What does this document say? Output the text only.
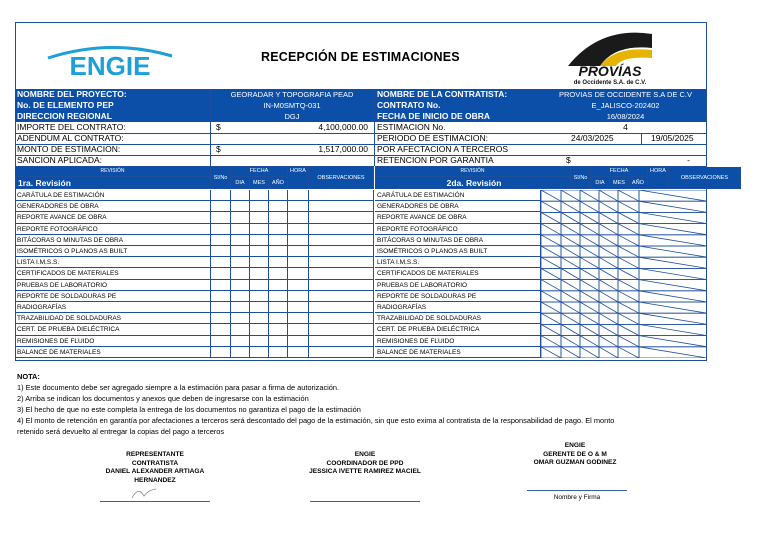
ENGIE	RECEPCIÓN DE ESTIMACIONES
PROVÍAS
de Occidente S.A. de C.V.
NOMBRE DEL PROYECTO:	GEORADAR Y TOPOGRAFIA PEAD
No. DE ELEMENTO PEP	IN-M0SMTQ-031
DIRECCION REGIONAL	DGJ
IMPORTE DEL CONTRATO:	$	4,100,000.00
ADENDUM AL CONTRATO:
MONTO DE ESTIMACION:	$	1,517,000.00
SANCION APLICADA:
NOMBRE DE LA CONTRATISTA:	PROVIAS DE OCCIDENTE S.A DE C.V
CONTRATO No.	E_JALISCO-202402
FECHA DE INICIO DE OBRA	16/08/2024
ESTIMACION No.	4
PERIODO DE ESTIMACION:	24/03/2025	19/05/2025
POR AFECTACION A TERCEROS
RETENCION POR GARANTIA	$	-
REVISIÓN
1ra. Revisión	SI/No
FECHA
DIA	MES	AÑO
HORA
OBSERVACIONES
REVISIÓN
2da. Revisión	SI/No
FECHA
DIA	MES	AÑO
HORA
OBSERVACIONES
CARÁTULA DE ESTIMACIÓN	CARÁTULA DE ESTIMACIÓN
GENERADORES DE OBRA	GENERADORES DE OBRA
REPORTE AVANCE DE OBRA	REPORTE AVANCE DE OBRA
REPORTE FOTOGRÁFICO	REPORTE FOTOGRÁFICO
BITÁCORAS O MINUTAS DE OBRA	BITÁCORAS O MINUTAS DE OBRA
ISOMÉTRICOS O PLANOS AS BUILT	ISOMÉTRICOS O PLANOS AS BUILT
LISTA I.M.S.S.	LISTA I.M.S.S.
CERTIFICADOS DE MATERIALES	CERTIFICADOS DE MATERIALES
PRUEBAS DE LABORATORIO	PRUEBAS DE LABORATORIO
REPORTE DE SOLDADURAS PE	REPORTE DE SOLDADURAS PE
RADIOGRAFÍAS	RADIOGRAFÍAS
TRAZABILIDAD DE SOLDADURAS	TRAZABILIDAD DE SOLDADURAS
CERT. DE PRUEBA DIELÉCTRICA	CERT. DE PRUEBA DIELÉCTRICA
REMISIONES DE FLUIDO	REMISIONES DE FLUIDO
BALANCE DE MATERIALES	BALANCE DE MATERIALES
NOTA:
1) Este documento debe ser agregado siempre a la estimación para pasar a firma de autorización.
2) Arriba se indican los documentos y anexos que deben de ingresarse con la estimación
3) El hecho de que no este completa la entrega de los documentos no garantiza el pago de la estimación
4) El monto de retención en garantía por afectaciones a terceros será descontado del pago de la estimación, sin que esto exima al contratista de la responsabilidad de pago. El monto
retenido será devuelto al entregar la copias del pago a terceros
REPRESENTANTE
CONTRATISTA
DANIEL ALEXANDER ARTIAGA
HERNANDEZ
ENGIE
COORDINADOR DE PPD
JESSICA IVETTE RAMIREZ MACIEL
ENGIE
GERENTE DE O & M
OMAR GUZMAN GODINEZ
Nombre y Firma
